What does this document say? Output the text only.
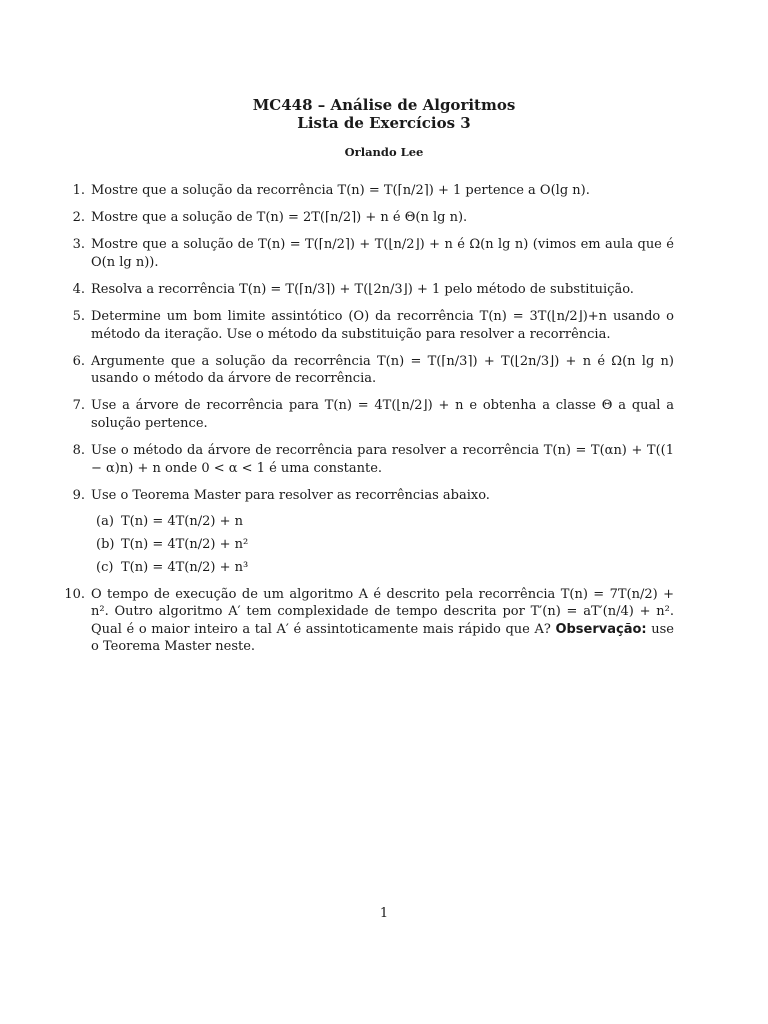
MC448 – Análise de Algoritmos
Lista de Exercícios 3
Orlando Lee
1. Mostre que a solução da recorrência T(n) = T(⌈n/2⌉) + 1 pertence a O(lg n).
2. Mostre que a solução de T(n) = 2T(⌈n/2⌉) + n é Θ(n lg n).
3. Mostre que a solução de T(n) = T(⌈n/2⌉) + T(⌊n/2⌋) + n é Ω(n lg n) (vimos em aula que é O(n lg n)).
4. Resolva a recorrência T(n) = T(⌈n/3⌉) + T(⌊2n/3⌋) + 1 pelo método de substituição.
5. Determine um bom limite assintótico (O) da recorrência T(n) = 3T(⌊n/2⌋)+n usando o método da iteração. Use o método da substituição para resolver a recorrência.
6. Argumente que a solução da recorrência T(n) = T(⌈n/3⌉) + T(⌊2n/3⌋) + n é Ω(n lg n) usando o método da árvore de recorrência.
7. Use a árvore de recorrência para T(n) = 4T(⌊n/2⌋) + n e obtenha a classe Θ a qual a solução pertence.
8. Use o método da árvore de recorrência para resolver a recorrência T(n) = T(αn) + T((1 − α)n) + n onde 0 < α < 1 é uma constante.
9. Use o Teorema Master para resolver as recorrências abaixo.
(a) T(n) = 4T(n/2) + n
(b) T(n) = 4T(n/2) + n²
(c) T(n) = 4T(n/2) + n³
10. O tempo de execução de um algoritmo A é descrito pela recorrência T(n) = 7T(n/2) + n². Outro algoritmo A′ tem complexidade de tempo descrita por T′(n) = aT′(n/4) + n². Qual é o maior inteiro a tal A′ é assintoticamente mais rápido que A? Observação: use o Teorema Master neste.
1
